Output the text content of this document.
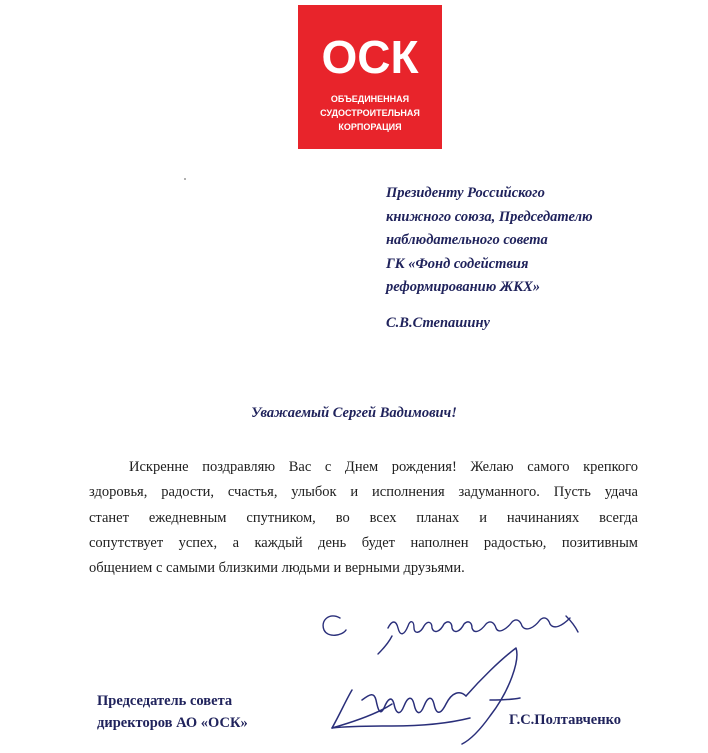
ОСК
ОБЪЕДИНЕННАЯ
СУДОСТРОИТЕЛЬНАЯ
КОРПОРАЦИЯ
Президенту Российского
книжного союза, Председателю
наблюдательного совета
ГК «Фонд содействия
реформированию ЖКХ»
С.В.Степашину
Уважаемый Сергей Вадимович!
Искренне поздравляю Вас с Днем рождения! Желаю самого крепкого
здоровья, радости, счастья, улыбок и исполнения задуманного. Пусть удача
станет ежедневным спутником, во всех планах и начинаниях всегда
сопутствует успех, а каждый день будет наполнен радостью, позитивным
общением с самыми близкими людьми и верными друзьями.
Председатель совета
директоров АО «ОСК»	Г.С.Полтавченко
